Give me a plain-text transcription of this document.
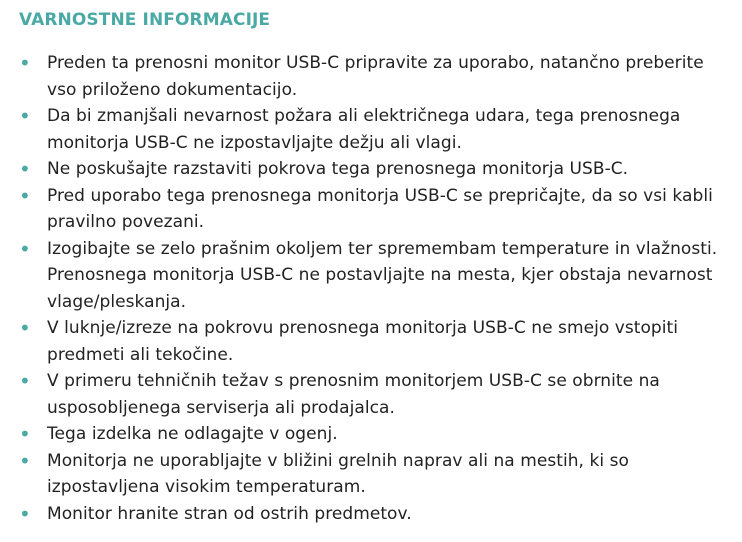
VARNOSTNE INFORMACIJE
• Preden ta prenosni monitor USB-C pripravite za uporabo, natančno preberite vso priloženo dokumentacijo.
• Da bi zmanjšali nevarnost požara ali električnega udara, tega prenosnega monitorja USB-C ne izpostavljajte dežju ali vlagi.
• Ne poskušajte razstaviti pokrova tega prenosnega monitorja USB-C.
• Pred uporabo tega prenosnega monitorja USB-C se prepričajte, da so vsi kabli pravilno povezani.
• Izogibajte se zelo prašnim okoljem ter spremembam temperature in vlažnosti. Prenosnega monitorja USB-C ne postavljajte na mesta, kjer obstaja nevarnost vlage/pleskanja.
• V luknje/izreze na pokrovu prenosnega monitorja USB-C ne smejo vstopiti predmeti ali tekočine.
• V primeru tehničnih težav s prenosnim monitorjem USB-C se obrnite na usposobljenega serviserja ali prodajalca.
• Tega izdelka ne odlagajte v ogenj.
• Monitorja ne uporabljajte v bližini grelnih naprav ali na mestih, ki so izpostavljena visokim temperaturam.
• Monitor hranite stran od ostrih predmetov.
